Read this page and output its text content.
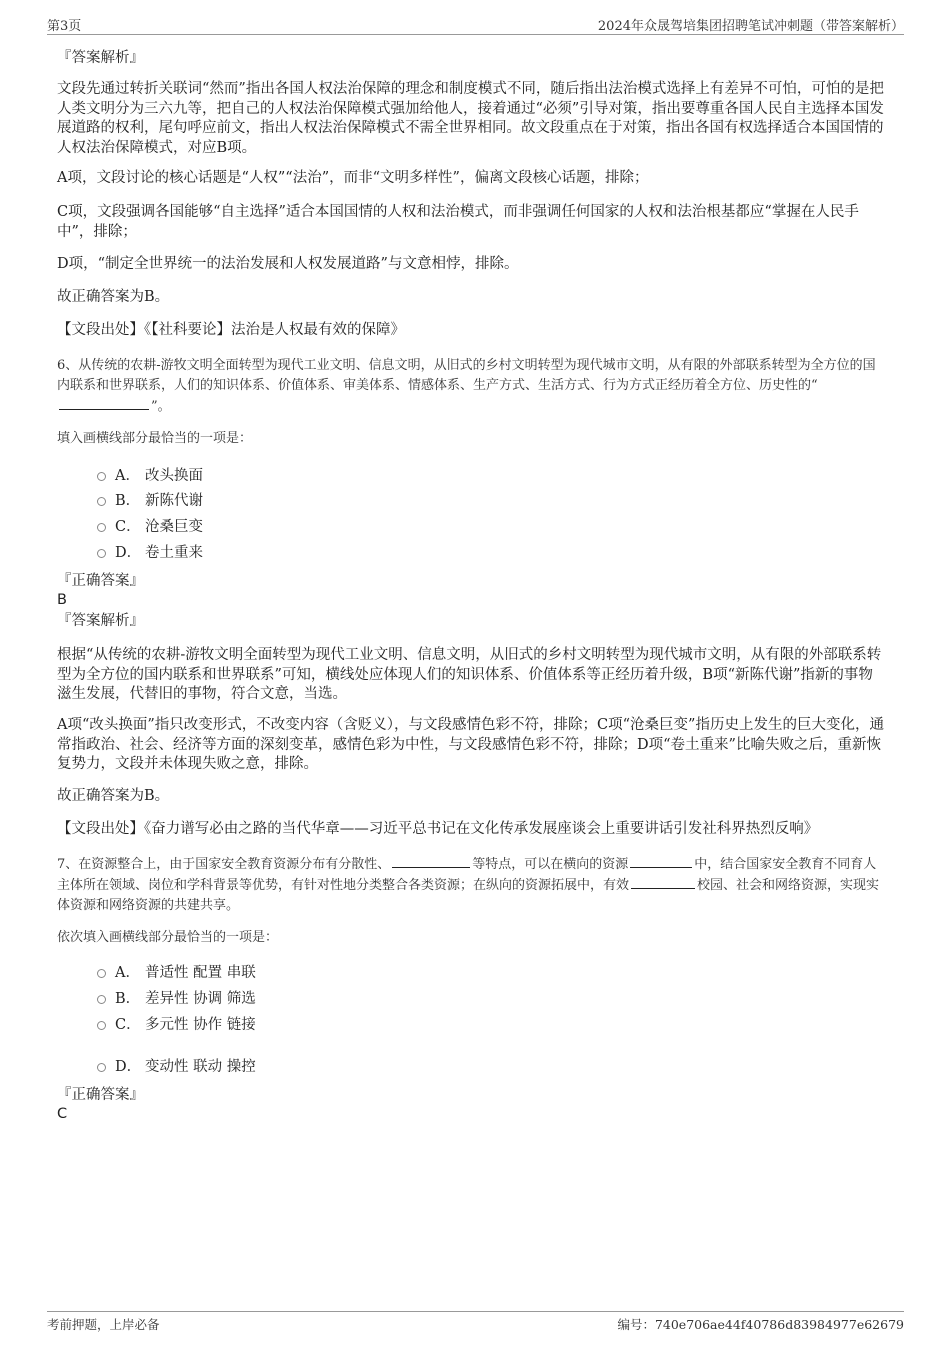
第3页	2024年众晟驾培集团招聘笔试冲刺题（带答案解析）
『答案解析』

文段先通过转折关联词“然而”指出各国人权法治保障的理念和制度模式不同，随后指出法治模式选择上有差异不可怕，可怕的是把人类文明分为三六九等，把自己的人权法治保障模式强加给他人，接着通过“必须”引导对策，指出要尊重各国人民自主选择本国发展道路的权利，尾句呼应前文，指出人权法治保障模式不需全世界相同。故文段重点在于对策，指出各国有权选择适合本国国情的人权法治保障模式，对应B项。

A项，文段讨论的核心话题是“人权”“法治”，而非“文明多样性”，偏离文段核心话题，排除；

C项，文段强调各国能够“自主选择”适合本国国情的人权和法治模式，而非强调任何国家的人权和法治根基都应“掌握在人民手中”，排除；

D项，“制定全世界统一的法治发展和人权发展道路”与文意相悖，排除。

故正确答案为B。

【文段出处】《【社科要论】法治是人权最有效的保障》

6、从传统的农耕-游牧文明全面转型为现代工业文明、信息文明，从旧式的乡村文明转型为现代城市文明，从有限的外部联系转型为全方位的国内联系和世界联系，人们的知识体系、价值体系、审美体系、情感体系、生产方式、生活方式、行为方式正经历着全方位、历史性的“”。

填入画横线部分最恰当的一项是：

A． 改头换面
B． 新陈代谢
C． 沧桑巨变
D． 卷土重来
『正确答案』
B
『答案解析』

根据“从传统的农耕-游牧文明全面转型为现代工业文明、信息文明，从旧式的乡村文明转型为现代城市文明，从有限的外部联系转型为全方位的国内联系和世界联系”可知，横线处应体现人们的知识体系、价值体系等正经历着升级，B项“新陈代谢”指新的事物滋生发展，代替旧的事物，符合文意，当选。

A项“改头换面”指只改变形式，不改变内容（含贬义），与文段感情色彩不符，排除；C项“沧桑巨变”指历史上发生的巨大变化，通常指政治、社会、经济等方面的深刻变革，感情色彩为中性，与文段感情色彩不符，排除；D项“卷土重来”比喻失败之后，重新恢复势力，文段并未体现失败之意，排除。

故正确答案为B。

【文段出处】《奋力谱写必由之路的当代华章——习近平总书记在文化传承发展座谈会上重要讲话引发社科界热烈反响》

7、在资源整合上，由于国家安全教育资源分布有分散性、	等特点，可以在横向的资源	中，结合国家安全教育不同育人主体所在领域、岗位和学科背景等优势，有针对性地分类整合各类资源；在纵向的资源拓展中，有效	校园、社会和网络资源，实现实体资源和网络资源的共建共享。

依次填入画横线部分最恰当的一项是：

A． 普适性 配置 串联
B． 差异性 协调 筛选
C． 多元性 协作 链接
D． 变动性 联动 操控
『正确答案』
C
考前押题，上岸必备	编号：740e706ae44f40786d83984977e62679
